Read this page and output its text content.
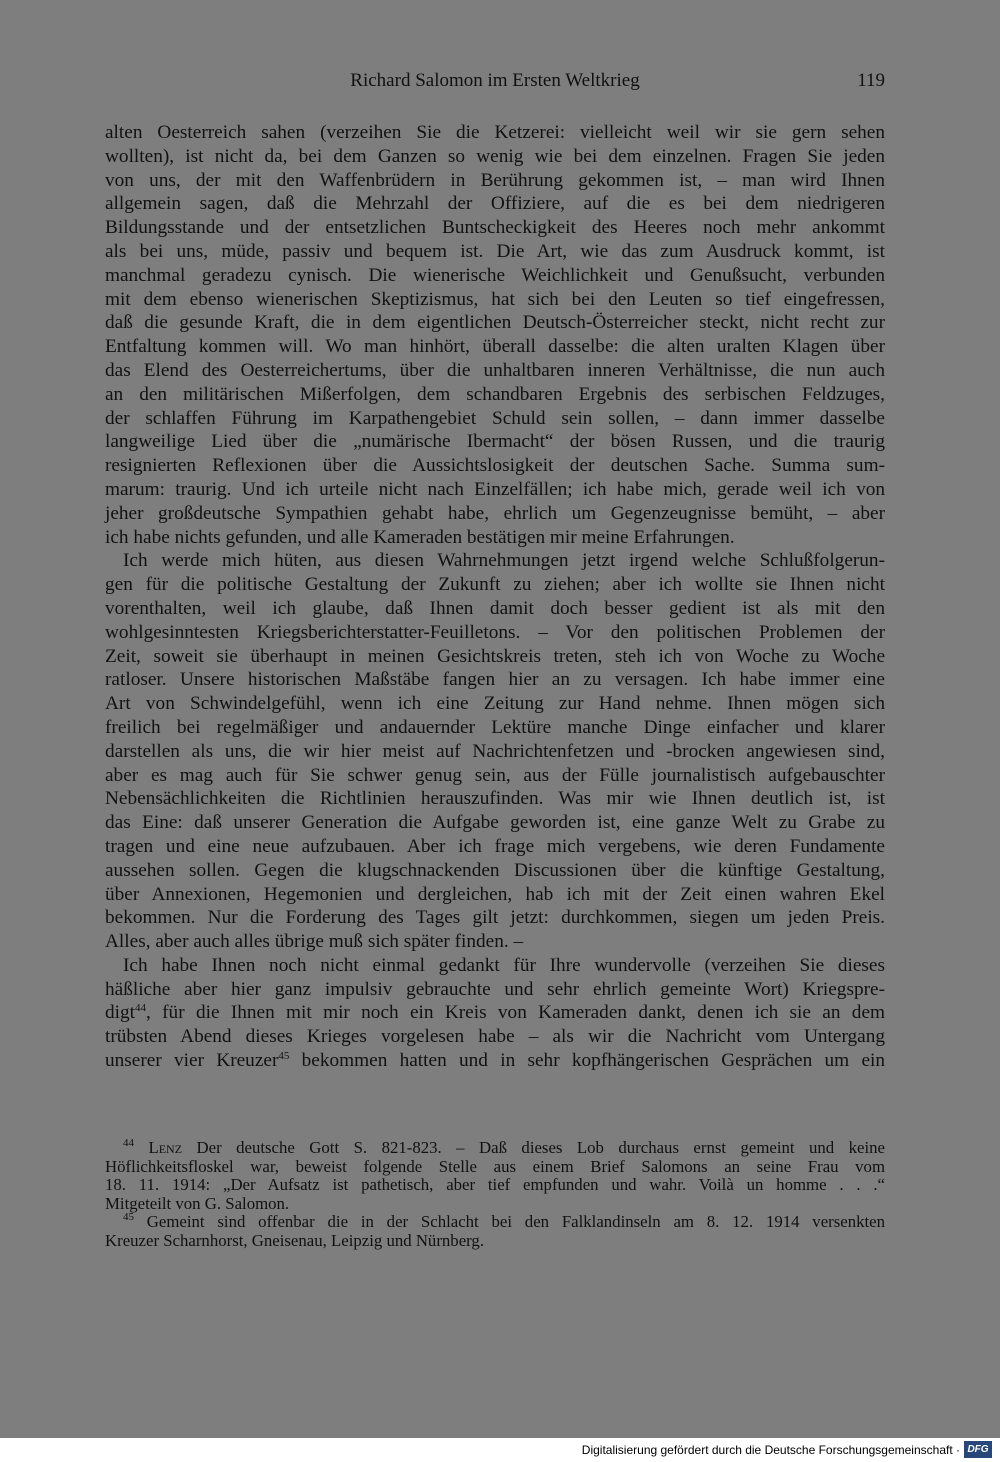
Richard Salomon im Ersten Weltkrieg	119
alten Oesterreich sahen (verzeihen Sie die Ketzerei: vielleicht weil wir sie gern sehen
wollten), ist nicht da, bei dem Ganzen so wenig wie bei dem einzelnen. Fragen Sie jeden
von uns, der mit den Waffenbrüdern in Berührung gekommen ist, – man wird Ihnen
allgemein sagen, daß die Mehrzahl der Offiziere, auf die es bei dem niedrigeren
Bildungsstande und der entsetzlichen Buntscheckigkeit des Heeres noch mehr ankommt
als bei uns, müde, passiv und bequem ist. Die Art, wie das zum Ausdruck kommt, ist
manchmal geradezu cynisch. Die wienerische Weichlichkeit und Genußsucht, verbunden
mit dem ebenso wienerischen Skeptizismus, hat sich bei den Leuten so tief eingefressen,
daß die gesunde Kraft, die in dem eigentlichen Deutsch-Österreicher steckt, nicht recht zur
Entfaltung kommen will. Wo man hinhört, überall dasselbe: die alten uralten Klagen über
das Elend des Oesterreichertums, über die unhaltbaren inneren Verhältnisse, die nun auch
an den militärischen Mißerfolgen, dem schandbaren Ergebnis des serbischen Feldzuges,
der schlaffen Führung im Karpathengebiet Schuld sein sollen, – dann immer dasselbe
langweilige Lied über die „numärische Ibermacht“ der bösen Russen, und die traurig
resignierten Reflexionen über die Aussichtslosigkeit der deutschen Sache. Summa sum-
marum: traurig. Und ich urteile nicht nach Einzelfällen; ich habe mich, gerade weil ich von
jeher großdeutsche Sympathien gehabt habe, ehrlich um Gegenzeugnisse bemüht, – aber
ich habe nichts gefunden, und alle Kameraden bestätigen mir meine Erfahrungen.
Ich werde mich hüten, aus diesen Wahrnehmungen jetzt irgend welche Schlußfolgerun-
gen für die politische Gestaltung der Zukunft zu ziehen; aber ich wollte sie Ihnen nicht
vorenthalten, weil ich glaube, daß Ihnen damit doch besser gedient ist als mit den
wohlgesinntesten Kriegsberichterstatter-Feuilletons. – Vor den politischen Problemen der
Zeit, soweit sie überhaupt in meinen Gesichtskreis treten, steh ich von Woche zu Woche
ratloser. Unsere historischen Maßstäbe fangen hier an zu versagen. Ich habe immer eine
Art von Schwindelgefühl, wenn ich eine Zeitung zur Hand nehme. Ihnen mögen sich
freilich bei regelmäßiger und andauernder Lektüre manche Dinge einfacher und klarer
darstellen als uns, die wir hier meist auf Nachrichtenfetzen und -brocken angewiesen sind,
aber es mag auch für Sie schwer genug sein, aus der Fülle journalistisch aufgebauschter
Nebensächlichkeiten die Richtlinien herauszufinden. Was mir wie Ihnen deutlich ist, ist
das Eine: daß unserer Generation die Aufgabe geworden ist, eine ganze Welt zu Grabe zu
tragen und eine neue aufzubauen. Aber ich frage mich vergebens, wie deren Fundamente
aussehen sollen. Gegen die klugschnackenden Discussionen über die künftige Gestaltung,
über Annexionen, Hegemonien und dergleichen, hab ich mit der Zeit einen wahren Ekel
bekommen. Nur die Forderung des Tages gilt jetzt: durchkommen, siegen um jeden Preis.
Alles, aber auch alles übrige muß sich später finden. –
Ich habe Ihnen noch nicht einmal gedankt für Ihre wundervolle (verzeihen Sie dieses
häßliche aber hier ganz impulsiv gebrauchte und sehr ehrlich gemeinte Wort) Kriegspre-
digt$^{44}$, für die Ihnen mit mir noch ein Kreis von Kameraden dankt, denen ich sie an dem
trübsten Abend dieses Krieges vorgelesen habe – als wir die Nachricht vom Untergang
unserer vier Kreuzer$^{45}$ bekommen hatten und in sehr kopfhängerischen Gesprächen um ein
$^{44}$ Lenz Der deutsche Gott S. 821-823. – Daß dieses Lob durchaus ernst gemeint und keine
Höflichkeitsfloskel war, beweist folgende Stelle aus einem Brief Salomons an seine Frau vom
18. 11. 1914: „Der Aufsatz ist pathetisch, aber tief empfunden und wahr. Voilà un homme . . .“
Mitgeteilt von G. Salomon.
$^{45}$ Gemeint sind offenbar die in der Schlacht bei den Falklandinseln am 8. 12. 1914 versenkten
Kreuzer Scharnhorst, Gneisenau, Leipzig und Nürnberg.
Digitalisierung gefördert durch die Deutsche Forschungsgemeinschaft · DFG
